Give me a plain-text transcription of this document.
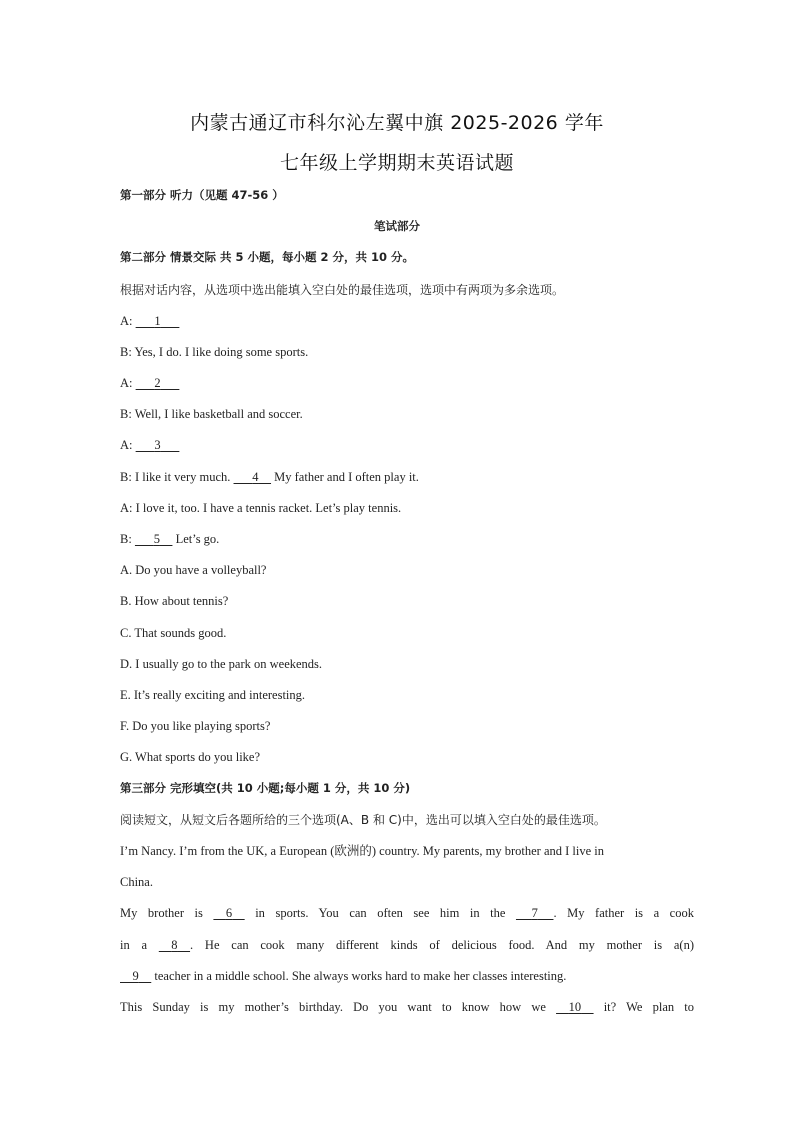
内蒙古通辽市科尔沁左翼中旗 2025-2026 学年
七年级上学期期末英语试题
第一部分 听力（见题 47-56 ）
笔试部分
第二部分 情景交际 共 5 小题，每小题 2 分，共 10 分。
根据对话内容，从选项中选出能填入空白处的最佳选项，选项中有两项为多余选项。
A: 1
B: Yes, I do. I like doing some sports.
A: 2
B: Well, I like basketball and soccer.
A: 3
B: I like it very much.       4     My father and I often play it.
A: I love it, too. I have a tennis racket. Let’s play tennis.
B: 5     Let’s go.
A. Do you have a volleyball?
B. How about tennis?
C. That sounds good.
D. I usually go to the park on weekends.
E. It’s really exciting and interesting.
F. Do you like playing sports?
G. What sports do you like?
第三部分 完形填空(共 10 小题;每小题 1 分，共 10 分)
阅读短文，从短文后各题所给的三个选项(A、B 和 C)中，选出可以填入空白处的最佳选项。
I’m Nancy. I’m from the UK, a European (欧洲的) country. My parents, my brother and I live in
China.
My brother is     6     in sports. You can often see him in the      7 . My father is a cook
in a     8 . He can cook many different kinds of delicious food. And my mother is a(n)
9     teacher in a middle school. She always works hard to make her classes interesting.
This Sunday is my mother’s birthday. Do you want to know how we     10     it? We plan to
